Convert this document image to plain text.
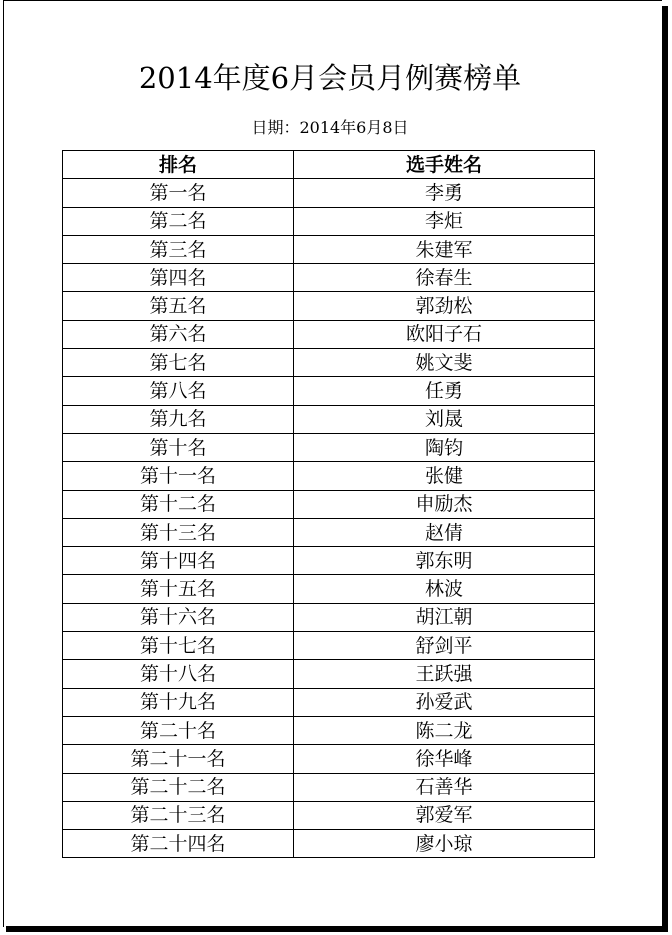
2014年度6月会员月例赛榜单
日期：2014年6月8日
排名	选手姓名
第一名	李勇
第二名	李炬
第三名	朱建军
第四名	徐春生
第五名	郭劲松
第六名	欧阳子石
第七名	姚文斐
第八名	任勇
第九名	刘晟
第十名	陶钧
第十一名	张健
第十二名	申励杰
第十三名	赵倩
第十四名	郭东明
第十五名	林波
第十六名	胡江朝
第十七名	舒剑平
第十八名	王跃强
第十九名	孙爱武
第二十名	陈二龙
第二十一名	徐华峰
第二十二名	石善华
第二十三名	郭爱军
第二十四名	廖小琼
